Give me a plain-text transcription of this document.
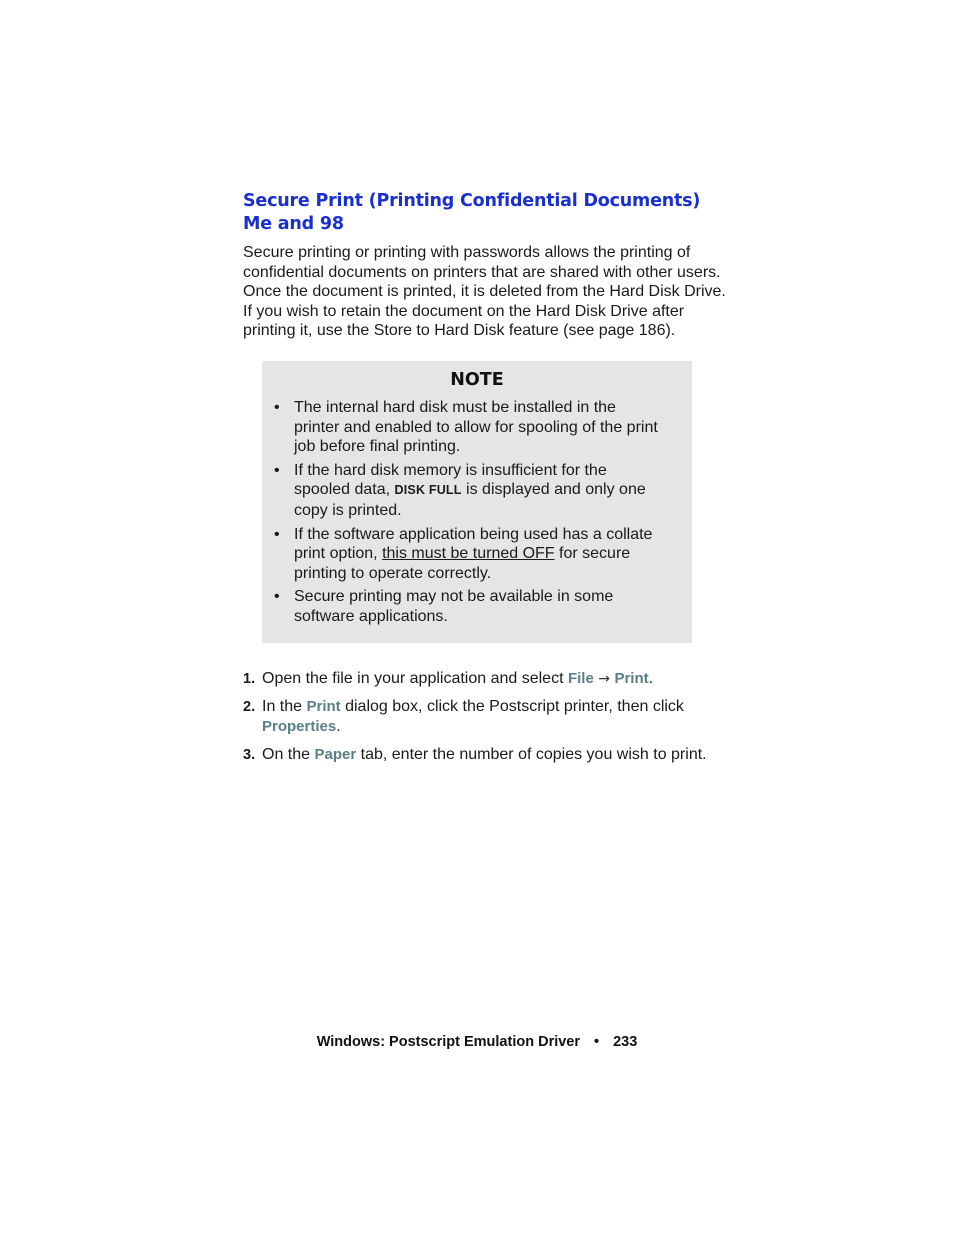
Secure Print (Printing Confidential Documents)
Me and 98

Secure printing or printing with passwords allows the printing of
confidential documents on printers that are shared with other users.
Once the document is printed, it is deleted from the Hard Disk Drive.
If you wish to retain the document on the Hard Disk Drive after
printing it, use the Store to Hard Disk feature (see page 186).

NOTE
• The internal hard disk must be installed in the
printer and enabled to allow for spooling of the print
job before final printing.
• If the hard disk memory is insufficient for the
spooled data, DISK FULL is displayed and only one
copy is printed.
• If the software application being used has a collate
print option, this must be turned OFF for secure
printing to operate correctly.
• Secure printing may not be available in some
software applications.
1. Open the file in your application and select File → Print.
2. In the Print dialog box, click the Postscript printer, then click
Properties.
3. On the Paper tab, enter the number of copies you wish to print.
Windows: Postscript Emulation Driver • 233
